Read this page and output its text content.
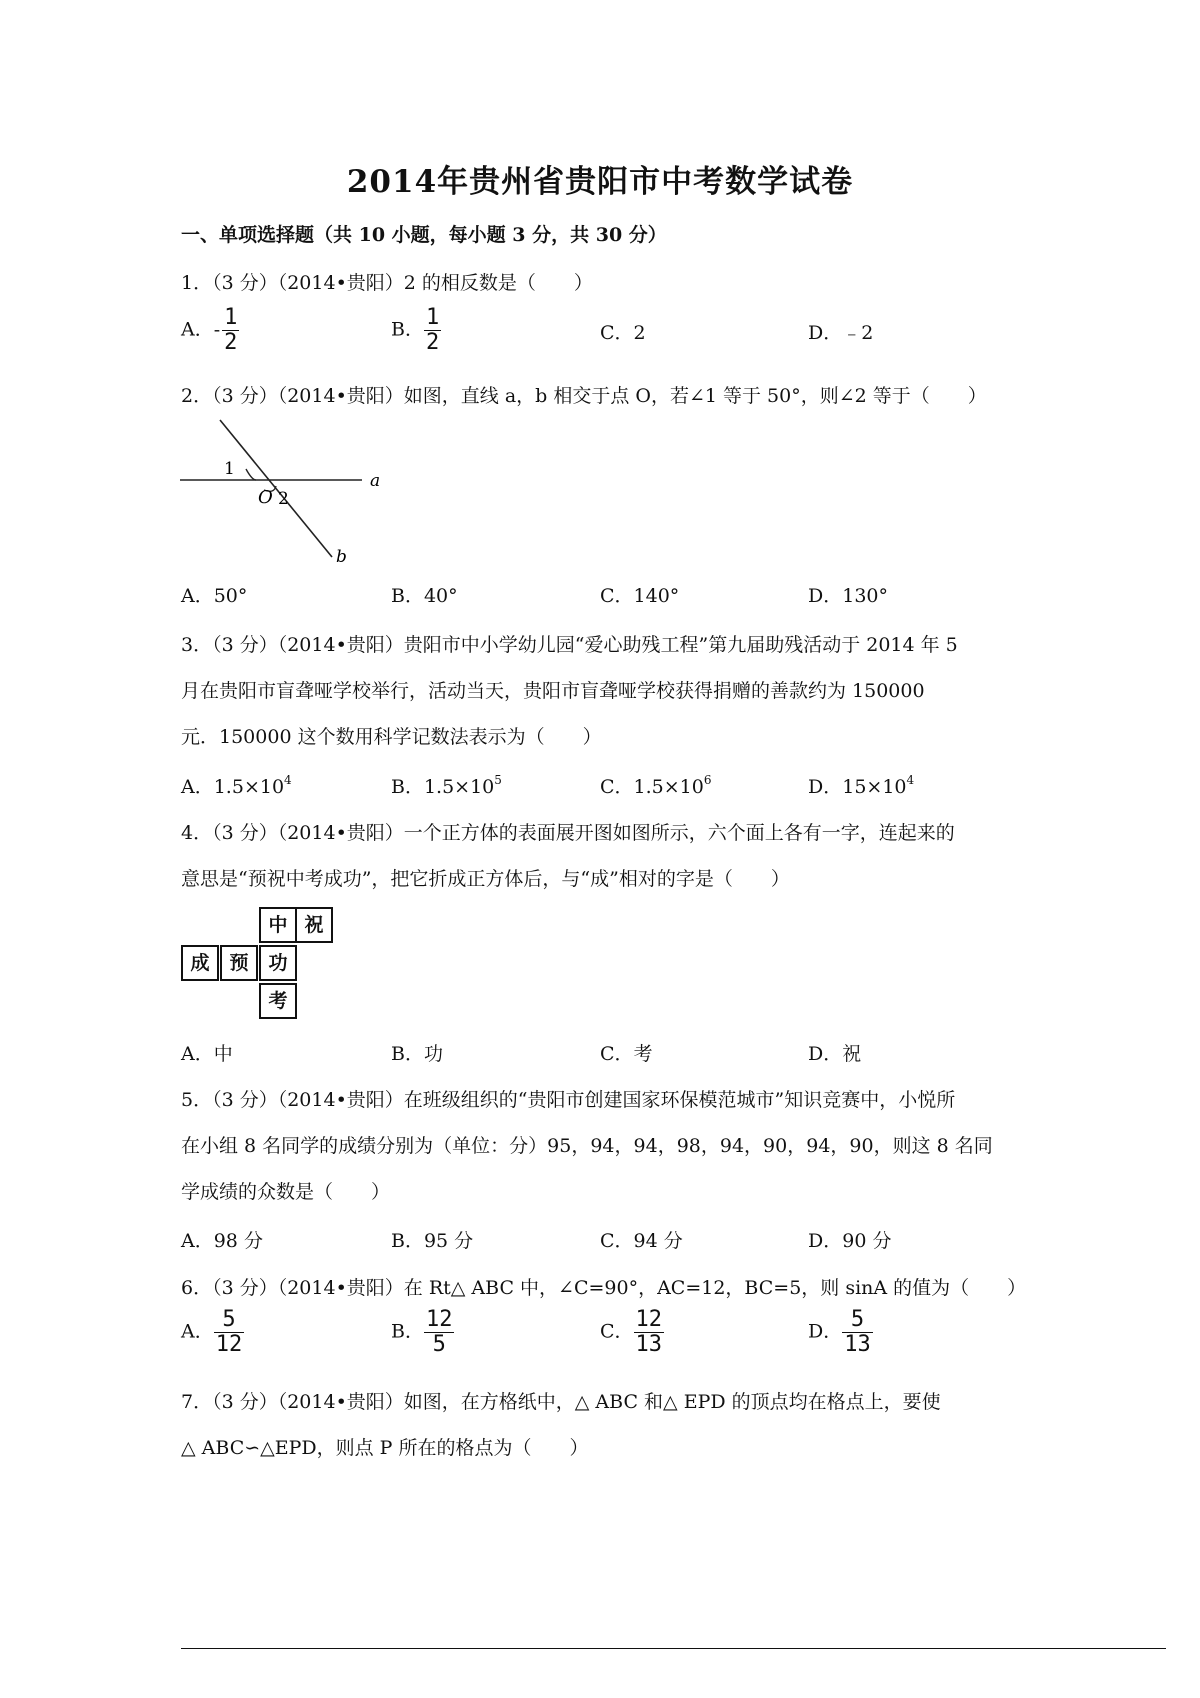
2014年贵州省贵阳市中考数学试卷
一、单项选择题（共 10 小题，每小题 3 分，共 30 分）
1．（3 分）（2014•贵阳）2 的相反数是（　　）
A．- $\frac{1}{2}$	B． $\frac{1}{2}$	C．2	D．﹣2
2．（3 分）（2014•贵阳）如图，直线 a，b 相交于点 O，若∠1 等于 50°，则∠2 等于（　　）
1
2
O
a
b
A．50°	B．40°	C．140°	D．130°
3．（3 分）（2014•贵阳）贵阳市中小学幼儿园“爱心助残工程”第九届助残活动于 2014 年 5
月在贵阳市盲聋哑学校举行，活动当天，贵阳市盲聋哑学校获得捐赠的善款约为 150000
元．150000 这个数用科学记数法表示为（　　）
A．$1.5\times 10^4$	B．$1.5\times 10^5$	C．$1.5\times 10^6$	D．$15\times 10^4$
4．（3 分）（2014•贵阳）一个正方体的表面展开图如图所示，六个面上各有一字，连起来的
意思是“预祝中考成功”，把它折成正方体后，与“成”相对的字是（　　）
中 祝
成	预	功
考
A．中	B．功	C．考	D．祝
5．（3 分）（2014•贵阳）在班级组织的“贵阳市创建国家环保模范城市”知识竞赛中，小悦所
在小组 8 名同学的成绩分别为（单位：分）95，94，94，98，94，90，94，90，则这 8 名同
学成绩的众数是（　　）
A．98 分	B．95 分	C．94 分	D．90 分
6．（3 分）（2014•贵阳）在 Rt△ ABC 中，∠C=90°，AC=12，BC=5，则 sinA 的值为（　　）
A． $\frac{5}{12}$	B． $\frac{12}{5}$	C． $\frac{12}{13}$	D． $\frac{5}{13}$
7．（3 分）（2014•贵阳）如图，在方格纸中，△ ABC 和△ EPD 的顶点均在格点上，要使
△ ABC∽△EPD，则点 P 所在的格点为（　　）
